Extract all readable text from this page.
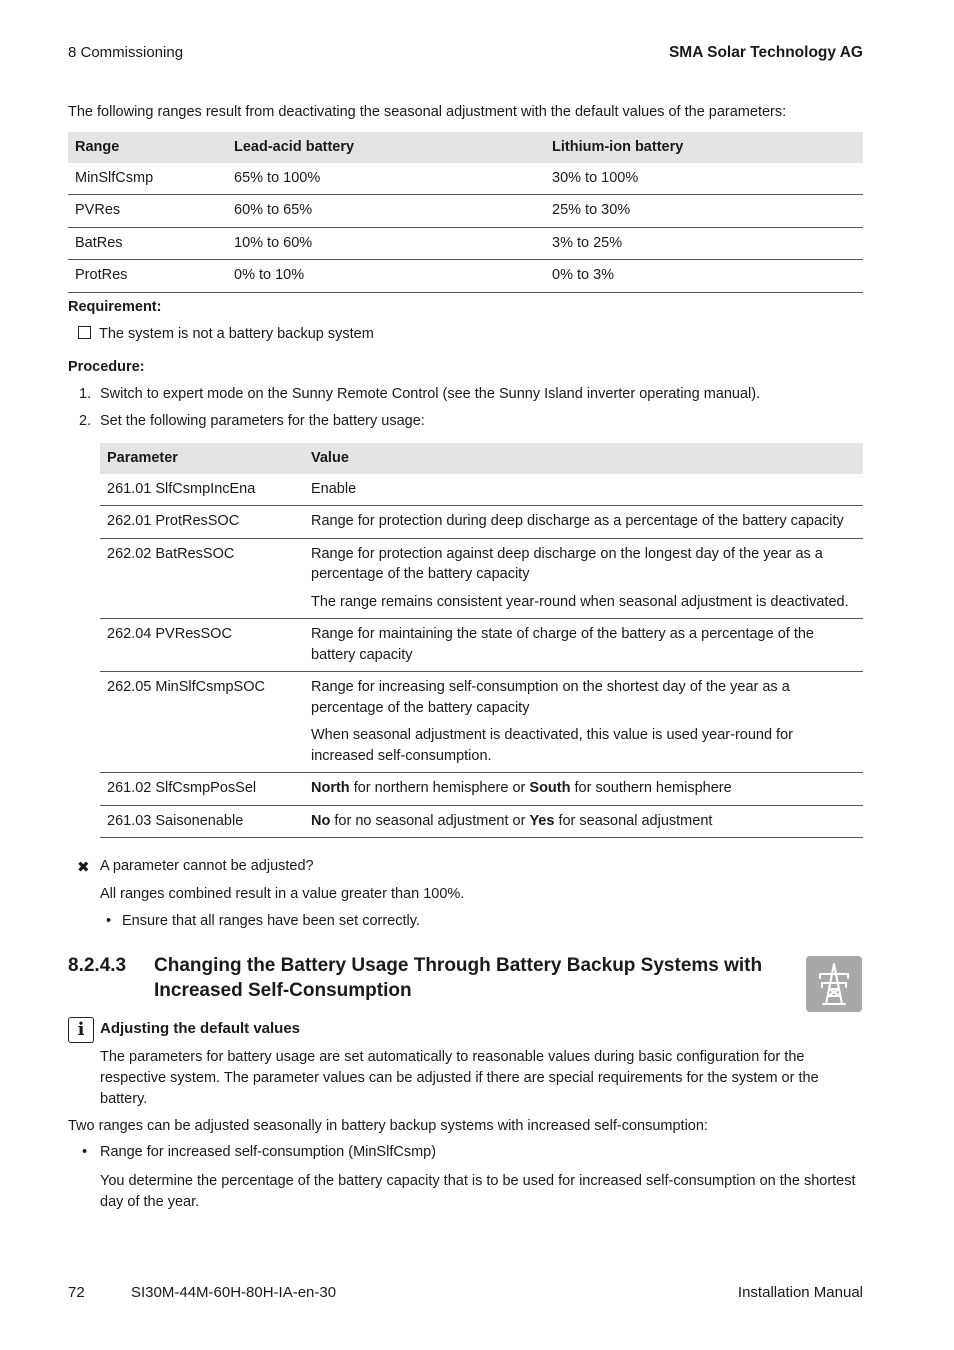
8 Commissioning	SMA Solar Technology AG
The following ranges result from deactivating the seasonal adjustment with the default values of the parameters:
Range	Lead-acid battery	Lithium-ion battery
MinSlfCsmp	65% to 100%	30% to 100%
PVRes	60% to 65%	25% to 30%
BatRes	10% to 60%	3% to 25%
ProtRes	0% to 10%	0% to 3%
Requirement:
The system is not a battery backup system
Procedure:
1. Switch to expert mode on the Sunny Remote Control (see the Sunny Island inverter operating manual).
2. Set the following parameters for the battery usage:
Parameter	Value
261.01 SlfCsmpIncEna	Enable
262.01 ProtResSOC	Range for protection during deep discharge as a percentage of the battery capacity
262.02 BatResSOC	Range for protection against deep discharge on the longest day of the year as a percentage of the battery capacity
The range remains consistent year-round when seasonal adjustment is deactivated.

262.04 PVResSOC	Range for maintaining the state of charge of the battery as a percentage of the battery capacity
262.05 MinSlfCsmpSOC	Range for increasing self-consumption on the shortest day of the year as a percentage of the battery capacity
When seasonal adjustment is deactivated, this value is used year-round for increased self-consumption.

261.02 SlfCsmpPosSel	North for northern hemisphere or South for southern hemisphere
261.03 Saisonenable	No for no seasonal adjustment or Yes for seasonal adjustment
✖ A parameter cannot be adjusted?
All ranges combined result in a value greater than 100%.
• Ensure that all ranges have been set correctly.
8.2.4.3 Changing the Battery Usage Through Battery Backup Systems with Increased Self-Consumption
i	Adjusting the default values
The parameters for battery usage are set automatically to reasonable values during basic configuration for the respective system. The parameter values can be adjusted if there are special requirements for the system or the battery.
Two ranges can be adjusted seasonally in battery backup systems with increased self-consumption:
• Range for increased self-consumption (MinSlfCsmp)
You determine the percentage of the battery capacity that is to be used for increased self-consumption on the shortest day of the year.
72	SI30M-44M-60H-80H-IA-en-30	Installation Manual
